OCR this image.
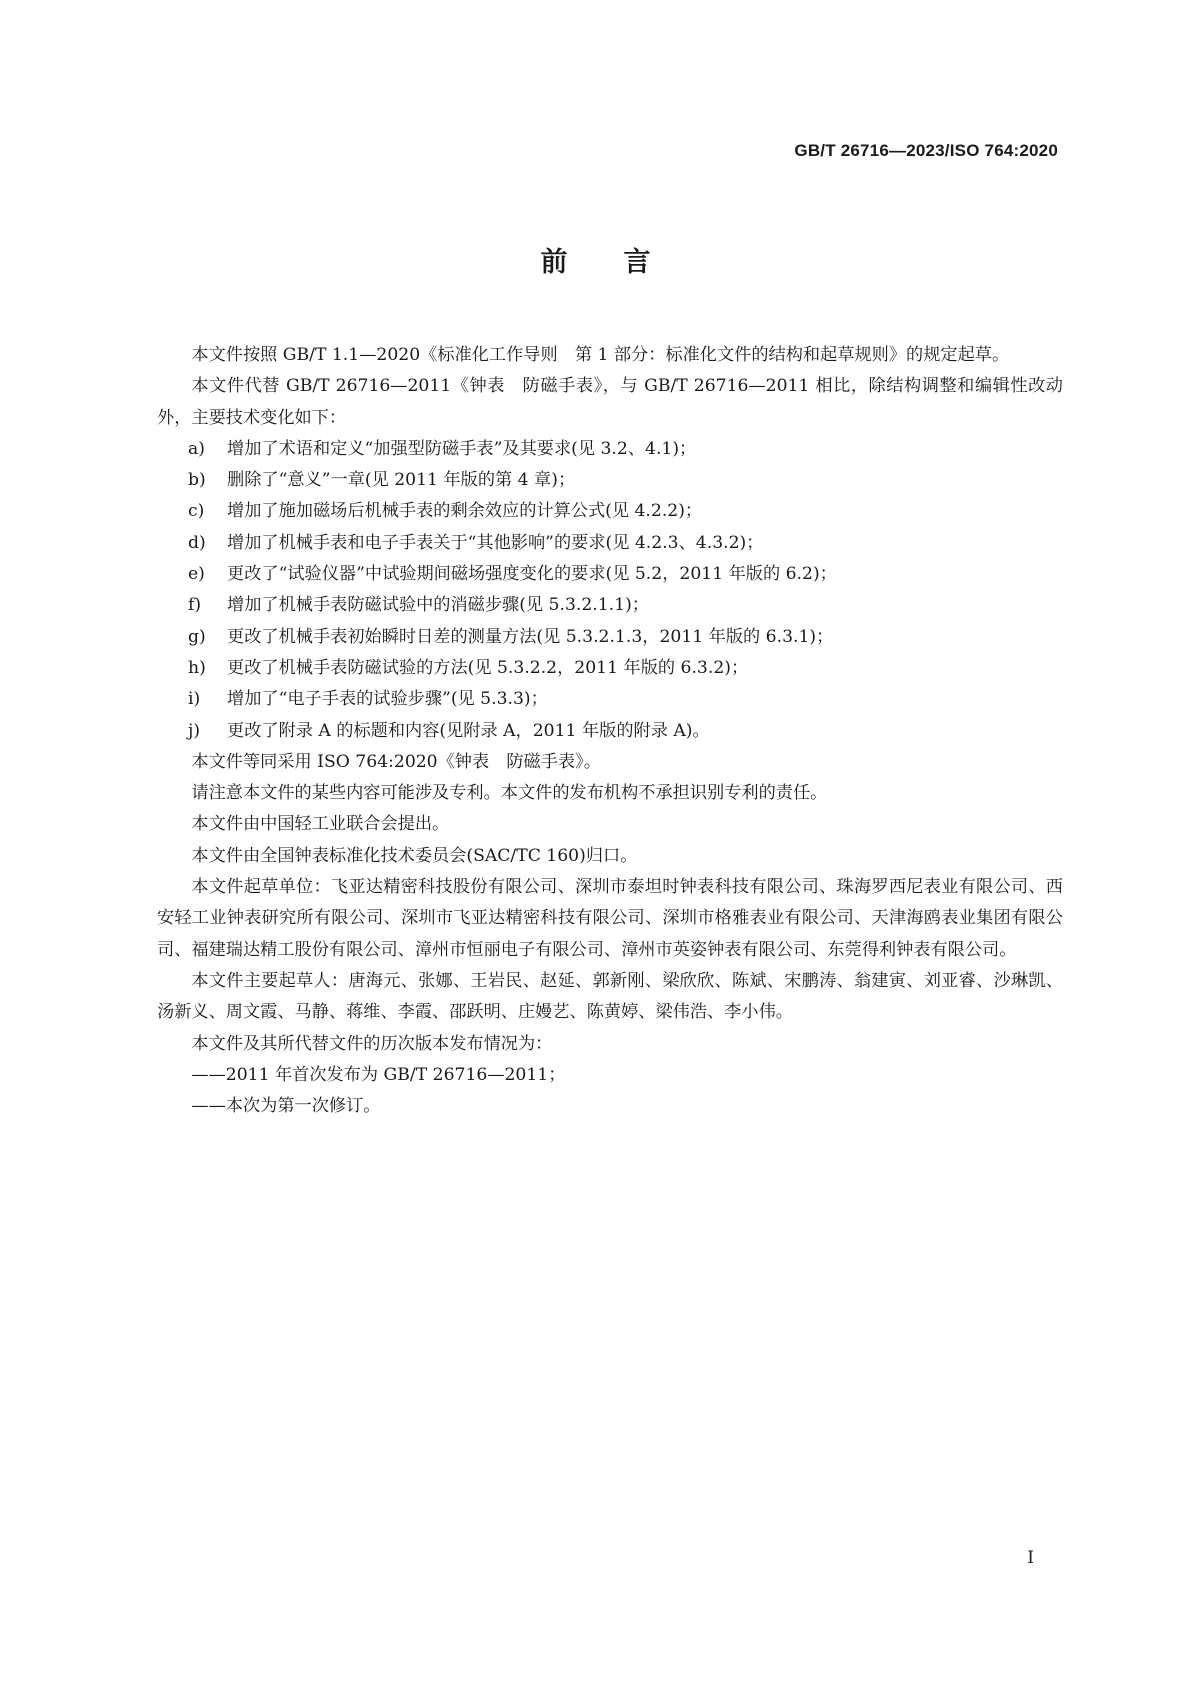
GB/T 26716—2023/ISO 764:2020
前言

本文件按照 GB/T 1.1—2020《标准化工作导则　第 1 部分：标准化文件的结构和起草规则》的规定起草。

本文件代替 GB/T 26716—2011《钟表　防磁手表》，与 GB/T 26716—2011 相比，除结构调整和编辑性改动外，主要技术变化如下：

a)	增加了术语和定义“加强型防磁手表”及其要求(见 3.2、4.1)；
b)	删除了“意义”一章(见 2011 年版的第 4 章)；
c)	增加了施加磁场后机械手表的剩余效应的计算公式(见 4.2.2)；
d)	增加了机械手表和电子手表关于“其他影响”的要求(见 4.2.3、4.3.2)；
e)	更改了“试验仪器”中试验期间磁场强度变化的要求(见 5.2，2011 年版的 6.2)；
f)	增加了机械手表防磁试验中的消磁步骤(见 5.3.2.1.1)；
g)	更改了机械手表初始瞬时日差的测量方法(见 5.3.2.1.3，2011 年版的 6.3.1)；
h)	更改了机械手表防磁试验的方法(见 5.3.2.2，2011 年版的 6.3.2)；
i)	增加了“电子手表的试验步骤”(见 5.3.3)；
j)	更改了附录 A 的标题和内容(见附录 A，2011 年版的附录 A)。

本文件等同采用 ISO 764:2020《钟表　防磁手表》。

请注意本文件的某些内容可能涉及专利。本文件的发布机构不承担识别专利的责任。

本文件由中国轻工业联合会提出。

本文件由全国钟表标准化技术委员会(SAC/TC 160)归口。

本文件起草单位：飞亚达精密科技股份有限公司、深圳市泰坦时钟表科技有限公司、珠海罗西尼表业有限公司、西安轻工业钟表研究所有限公司、深圳市飞亚达精密科技有限公司、深圳市格雅表业有限公司、天津海鸥表业集团有限公司、福建瑞达精工股份有限公司、漳州市恒丽电子有限公司、漳州市英姿钟表有限公司、东莞得利钟表有限公司。

本文件主要起草人：唐海元、张娜、王岩民、赵延、郭新刚、梁欣欣、陈斌、宋鹏涛、翁建寅、刘亚睿、沙琳凯、汤新义、周文霞、马静、蒋维、李霞、邵跃明、庄嫚艺、陈黄婷、梁伟浩、李小伟。

本文件及其所代替文件的历次版本发布情况为：

——2011 年首次发布为 GB/T 26716—2011；
——本次为第一次修订。
I
